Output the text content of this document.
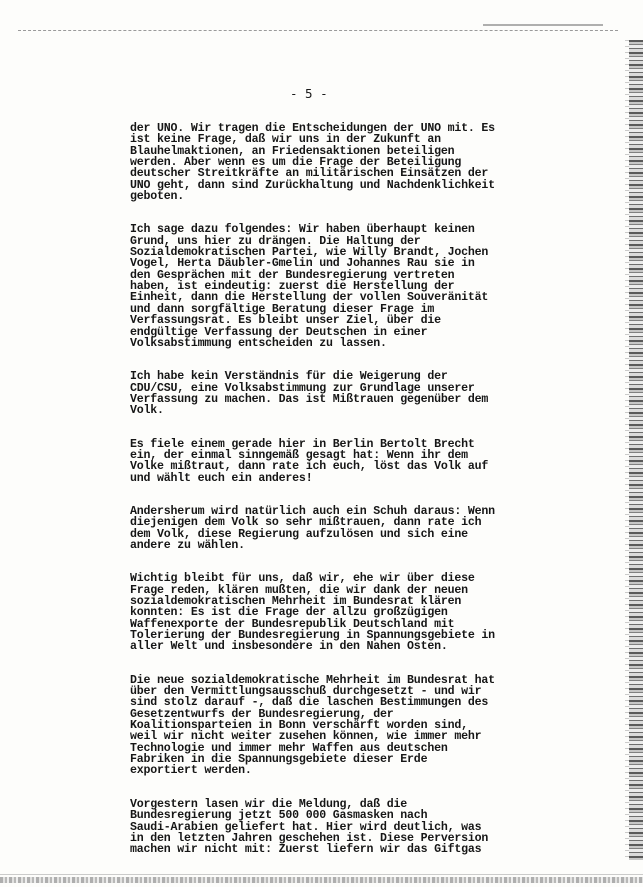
- 5 -
der UNO. Wir tragen die Entscheidungen der UNO mit. Es
ist keine Frage, daß wir uns in der Zukunft an
Blauhelmaktionen, an Friedensaktionen beteiligen
werden. Aber wenn es um die Frage der Beteiligung
deutscher Streitkräfte an militärischen Einsätzen der
UNO geht, dann sind Zurückhaltung und Nachdenklichkeit
geboten.
Ich sage dazu folgendes: Wir haben überhaupt keinen
Grund, uns hier zu drängen. Die Haltung der
Sozialdemokratischen Partei, wie Willy Brandt, Jochen
Vogel, Herta Däubler-Gmelin und Johannes Rau sie in
den Gesprächen mit der Bundesregierung vertreten
haben, ist eindeutig: zuerst die Herstellung der
Einheit, dann die Herstellung der vollen Souveränität
und dann sorgfältige Beratung dieser Frage im
Verfassungsrat. Es bleibt unser Ziel, über die
endgültige Verfassung der Deutschen in einer
Volksabstimmung entscheiden zu lassen.
Ich habe kein Verständnis für die Weigerung der
CDU/CSU, eine Volksabstimmung zur Grundlage unserer
Verfassung zu machen. Das ist Mißtrauen gegenüber dem
Volk.
Es fiele einem gerade hier in Berlin Bertolt Brecht
ein, der einmal sinngemäß gesagt hat: Wenn ihr dem
Volke mißtraut, dann rate ich euch, löst das Volk auf
und wählt euch ein anderes!
Andersherum wird natürlich auch ein Schuh daraus: Wenn
diejenigen dem Volk so sehr mißtrauen, dann rate ich
dem Volk, diese Regierung aufzulösen und sich eine
andere zu wählen.
Wichtig bleibt für uns, daß wir, ehe wir über diese
Frage reden, klären mußten, die wir dank der neuen
sozialdemokratischen Mehrheit im Bundesrat klären
konnten: Es ist die Frage der allzu großzügigen
Waffenexporte der Bundesrepublik Deutschland mit
Tolerierung der Bundesregierung in Spannungsgebiete in
aller Welt und insbesondere in den Nahen Osten.
Die neue sozialdemokratische Mehrheit im Bundesrat hat
über den Vermittlungsausschuß durchgesetzt - und wir
sind stolz darauf -, daß die laschen Bestimmungen des
Gesetzentwurfs der Bundesregierung, der
Koalitionsparteien in Bonn verschärft worden sind,
weil wir nicht weiter zusehen können, wie immer mehr
Technologie und immer mehr Waffen aus deutschen
Fabriken in die Spannungsgebiete dieser Erde
exportiert werden.
Vorgestern lasen wir die Meldung, daß die
Bundesregierung jetzt 500 000 Gasmasken nach
Saudi-Arabien geliefert hat. Hier wird deutlich, was
in den letzten Jahren geschehen ist. Diese Perversion
machen wir nicht mit: Zuerst liefern wir das Giftgas
